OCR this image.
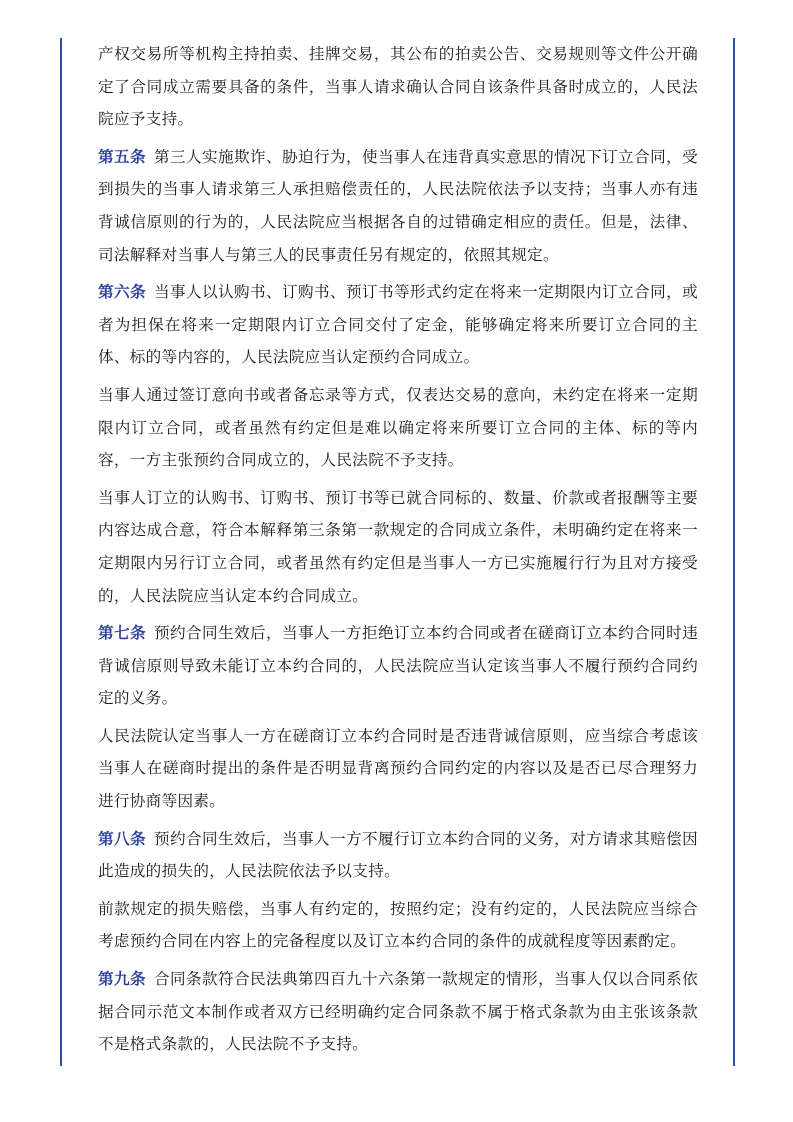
产权交易所等机构主持拍卖、挂牌交易，其公布的拍卖公告、交易规则等文件公开确定了合同成立需要具备的条件，当事人请求确认合同自该条件具备时成立的，人民法院应予支持。

第五条 第三人实施欺诈、胁迫行为，使当事人在违背真实意思的情况下订立合同，受到损失的当事人请求第三人承担赔偿责任的，人民法院依法予以支持；当事人亦有违背诚信原则的行为的，人民法院应当根据各自的过错确定相应的责任。但是，法律、司法解释对当事人与第三人的民事责任另有规定的，依照其规定。

第六条 当事人以认购书、订购书、预订书等形式约定在将来一定期限内订立合同，或者为担保在将来一定期限内订立合同交付了定金，能够确定将来所要订立合同的主体、标的等内容的，人民法院应当认定预约合同成立。

当事人通过签订意向书或者备忘录等方式，仅表达交易的意向，未约定在将来一定期限内订立合同，或者虽然有约定但是难以确定将来所要订立合同的主体、标的等内容，一方主张预约合同成立的，人民法院不予支持。

当事人订立的认购书、订购书、预订书等已就合同标的、数量、价款或者报酬等主要内容达成合意，符合本解释第三条第一款规定的合同成立条件，未明确约定在将来一定期限内另行订立合同，或者虽然有约定但是当事人一方已实施履行行为且对方接受的，人民法院应当认定本约合同成立。

第七条 预约合同生效后，当事人一方拒绝订立本约合同或者在磋商订立本约合同时违背诚信原则导致未能订立本约合同的，人民法院应当认定该当事人不履行预约合同约定的义务。

人民法院认定当事人一方在磋商订立本约合同时是否违背诚信原则，应当综合考虑该当事人在磋商时提出的条件是否明显背离预约合同约定的内容以及是否已尽合理努力进行协商等因素。

第八条 预约合同生效后，当事人一方不履行订立本约合同的义务，对方请求其赔偿因此造成的损失的，人民法院依法予以支持。

前款规定的损失赔偿，当事人有约定的，按照约定；没有约定的，人民法院应当综合考虑预约合同在内容上的完备程度以及订立本约合同的条件的成就程度等因素酌定。

第九条 合同条款符合民法典第四百九十六条第一款规定的情形，当事人仅以合同系依据合同示范文本制作或者双方已经明确约定合同条款不属于格式条款为由主张该条款不是格式条款的，人民法院不予支持。
